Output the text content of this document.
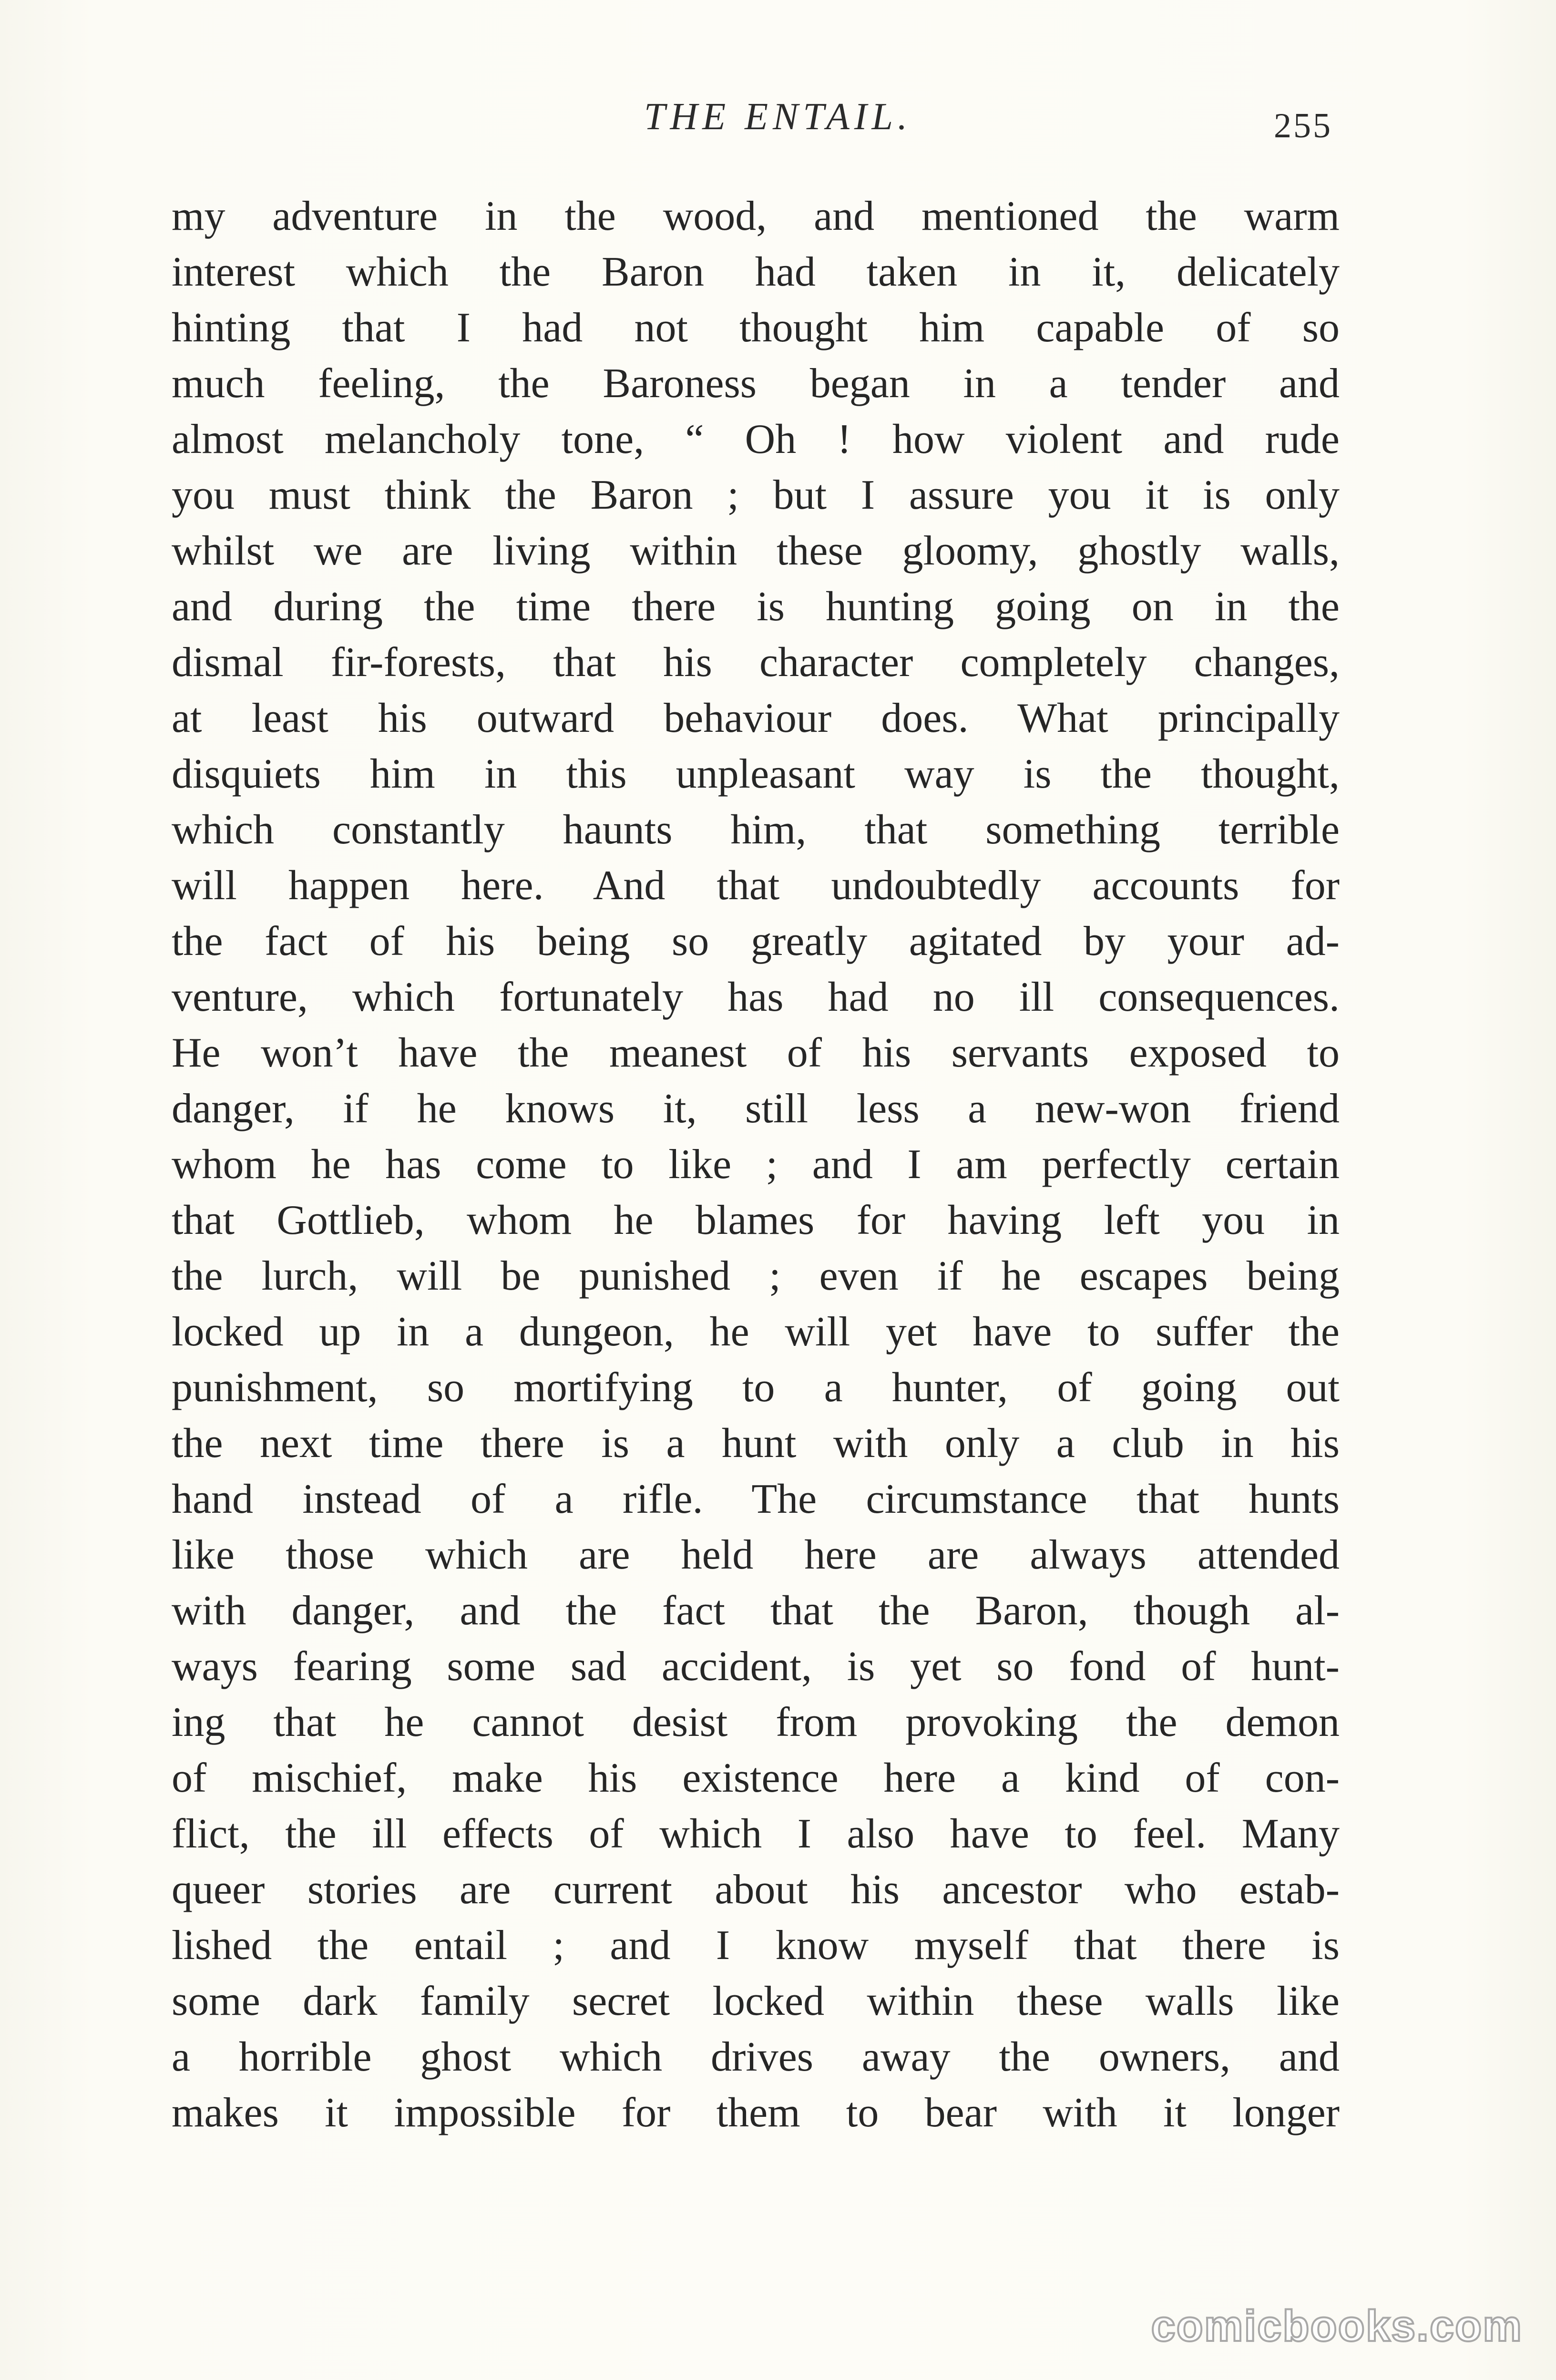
THE ENTAIL.	255
my adventure in the wood, and mentioned the warm
interest which the Baron had taken in it, delicately
hinting that I had not thought him capable of so
much feeling, the Baroness began in a tender and
almost melancholy tone, “ Oh ! how violent and rude
you must think the Baron ; but I assure you it is only
whilst we are living within these gloomy, ghostly walls,
and during the time there is hunting going on in the
dismal fir-forests, that his character completely changes,
at least his outward behaviour does. What principally
disquiets him in this unpleasant way is the thought,
which constantly haunts him, that something terrible
will happen here. And that undoubtedly accounts for
the fact of his being so greatly agitated by your ad-
venture, which fortunately has had no ill consequences.
He won’t have the meanest of his servants exposed to
danger, if he knows it, still less a new-won friend
whom he has come to like ; and I am perfectly certain
that Gottlieb, whom he blames for having left you in
the lurch, will be punished ; even if he escapes being
locked up in a dungeon, he will yet have to suffer the
punishment, so mortifying to a hunter, of going out
the next time there is a hunt with only a club in his
hand instead of a rifle. The circumstance that hunts
like those which are held here are always attended
with danger, and the fact that the Baron, though al-
ways fearing some sad accident, is yet so fond of hunt-
ing that he cannot desist from provoking the demon
of mischief, make his existence here a kind of con-
flict, the ill effects of which I also have to feel. Many
queer stories are current about his ancestor who estab-
lished the entail ; and I know myself that there is
some dark family secret locked within these walls like
a horrible ghost which drives away the owners, and
makes it impossible for them to bear with it longer
comicbooks.com
